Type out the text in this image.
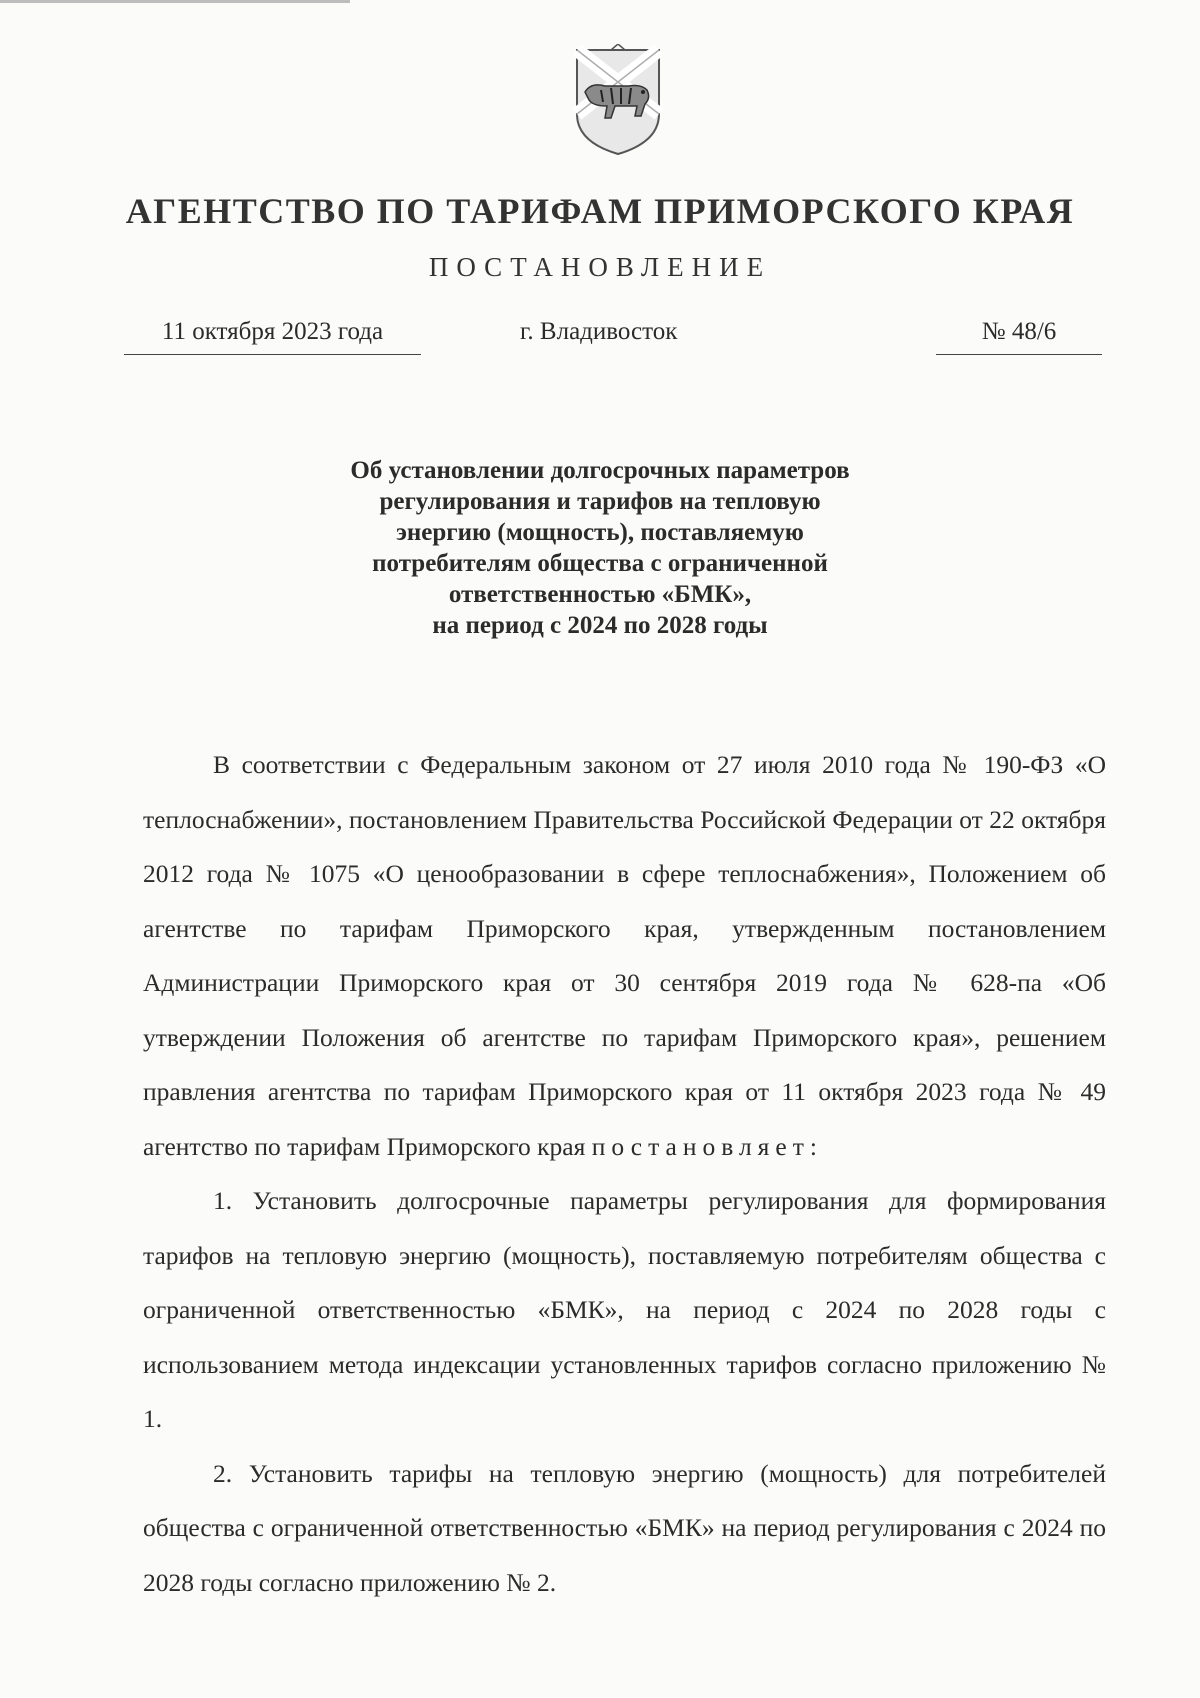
АГЕНТСТВО ПО ТАРИФАМ ПРИМОРСКОГО КРАЯ
ПОСТАНОВЛЕНИЕ
11 октября 2023 года	г. Владивосток	№ 48/6
Об установлении долгосрочных параметров
регулирования и тарифов на тепловую
энергию (мощность), поставляемую
потребителям общества с ограниченной
ответственностью «БМК»,
на период с 2024 по 2028 годы

В соответствии с Федеральным законом от 27 июля 2010 года № 190-ФЗ «О теплоснабжении», постановлением Правительства Российской Федерации от 22 октября 2012 года № 1075 «О ценообразовании в сфере теплоснабжения», Положением об агентстве по тарифам Приморского края, утвержденным постановлением Администрации Приморского края от 30 сентября 2019 года № 628-па «Об утверждении Положения об агентстве по тарифам Приморского края», решением правления агентства по тарифам Приморского края от 11 октября 2023 года № 49 агентство по тарифам Приморского края постановляет:

1. Установить долгосрочные параметры регулирования для формирования тарифов на тепловую энергию (мощность), поставляемую потребителям общества с ограниченной ответственностью «БМК», на период с 2024 по 2028 годы с использованием метода индексации установленных тарифов согласно приложению № 1.

2. Установить тарифы на тепловую энергию (мощность) для потребителей общества с ограниченной ответственностью «БМК» на период регулирования с 2024 по 2028 годы согласно приложению № 2.
